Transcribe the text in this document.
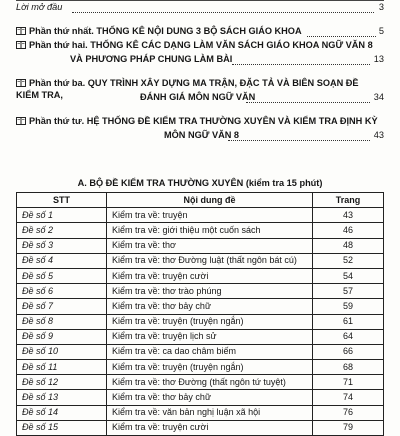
Lời mở đầu	3
Phần thứ nhất. THỐNG KÊ NỘI DUNG 3 BỘ SÁCH GIÁO KHOA	5
Phần thứ hai. THỐNG KÊ CÁC DẠNG LÀM VĂN SÁCH GIÁO KHOA NGỮ VĂN 8
VÀ PHƯƠNG PHÁP CHUNG LÀM BÀI	13
Phần thứ ba. QUY TRÌNH XÂY DỰNG MA TRẬN, ĐẶC TẢ VÀ BIÊN SOẠN ĐỀ KIỂM TRA,	ĐÁNH GIÁ MÔN NGỮ VĂN	34
Phần thứ tư. HỆ THỐNG ĐỀ KIỂM TRA THƯỜNG XUYÊN VÀ KIỂM TRA ĐỊNH KỲ
MÔN NGỮ VĂN 8	43
A. BỘ ĐỀ KIỂM TRA THƯỜNG XUYÊN (kiểm tra 15 phút)
STT	Nội dung đề	Trang
Đề số 1	Kiểm tra về: truyện	43
Đề số 2	Kiểm tra về: giới thiệu một cuốn sách	46
Đề số 3	Kiểm tra về: thơ	48
Đề số 4	Kiểm tra về: thơ Đường luật (thất ngôn bát cú)	52
Đề số 5	Kiểm tra về: truyện cười	54
Đề số 6	Kiểm tra về: thơ trào phúng	57
Đề số 7	Kiểm tra về: thơ bảy chữ	59
Đề số 8	Kiểm tra về: truyện (truyện ngắn)	61
Đề số 9	Kiểm tra về: truyện lịch sử	64
Đề số 10	Kiểm tra về: ca dao châm biếm	66
Đề số 11	Kiểm tra về: truyện (truyện ngắn)	68
Đề số 12	Kiểm tra về: thơ Đường (thất ngôn tứ tuyệt)	71
Đề số 13	Kiểm tra về: thơ bảy chữ	74
Đề số 14	Kiểm tra về: văn bản nghị luận xã hội	76
Đề số 15	Kiểm tra về: truyện cười	79
